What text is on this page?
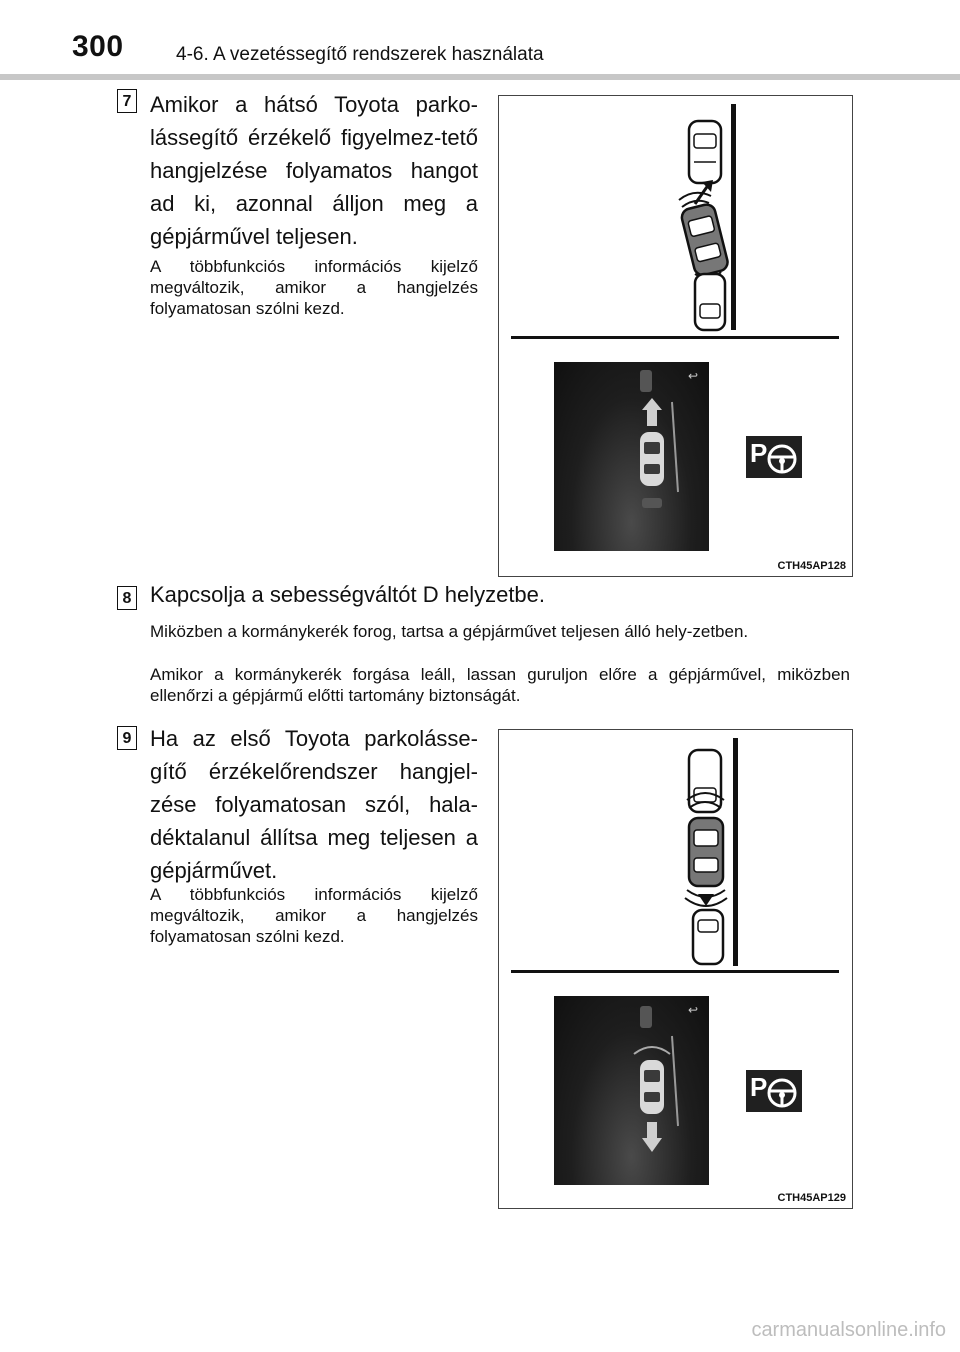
300	4-6. A vezetéssegítő rendszerek használata
7 Amikor a hátsó Toyota parko-lássegítő érzékelő figyelmez-tető hangjelzése folyamatos hangot ad ki, azonnal álljon meg a gépjárművel teljesen.
A többfunkciós információs kijelző megváltozik, amikor a hangjelzés folyamatosan szólni kezd.
↩
P
CTH45AP128
8 Kapcsolja a sebességváltót D helyzetbe.
Miközben a kormánykerék forog, tartsa a gépjárművet teljesen álló hely-zetben.
Amikor a kormánykerék forgása leáll, lassan guruljon előre a gépjárművel, miközben ellenőrzi a gépjármű előtti tartomány biztonságát.
9 Ha az első Toyota parkolásse-gítő érzékelőrendszer hangjel-zése folyamatosan szól, hala-déktalanul állítsa meg teljesen a gépjárművet.
A többfunkciós információs kijelző megváltozik, amikor a hangjelzés folyamatosan szólni kezd.
↩
P
CTH45AP129
carmanualsonline.info
